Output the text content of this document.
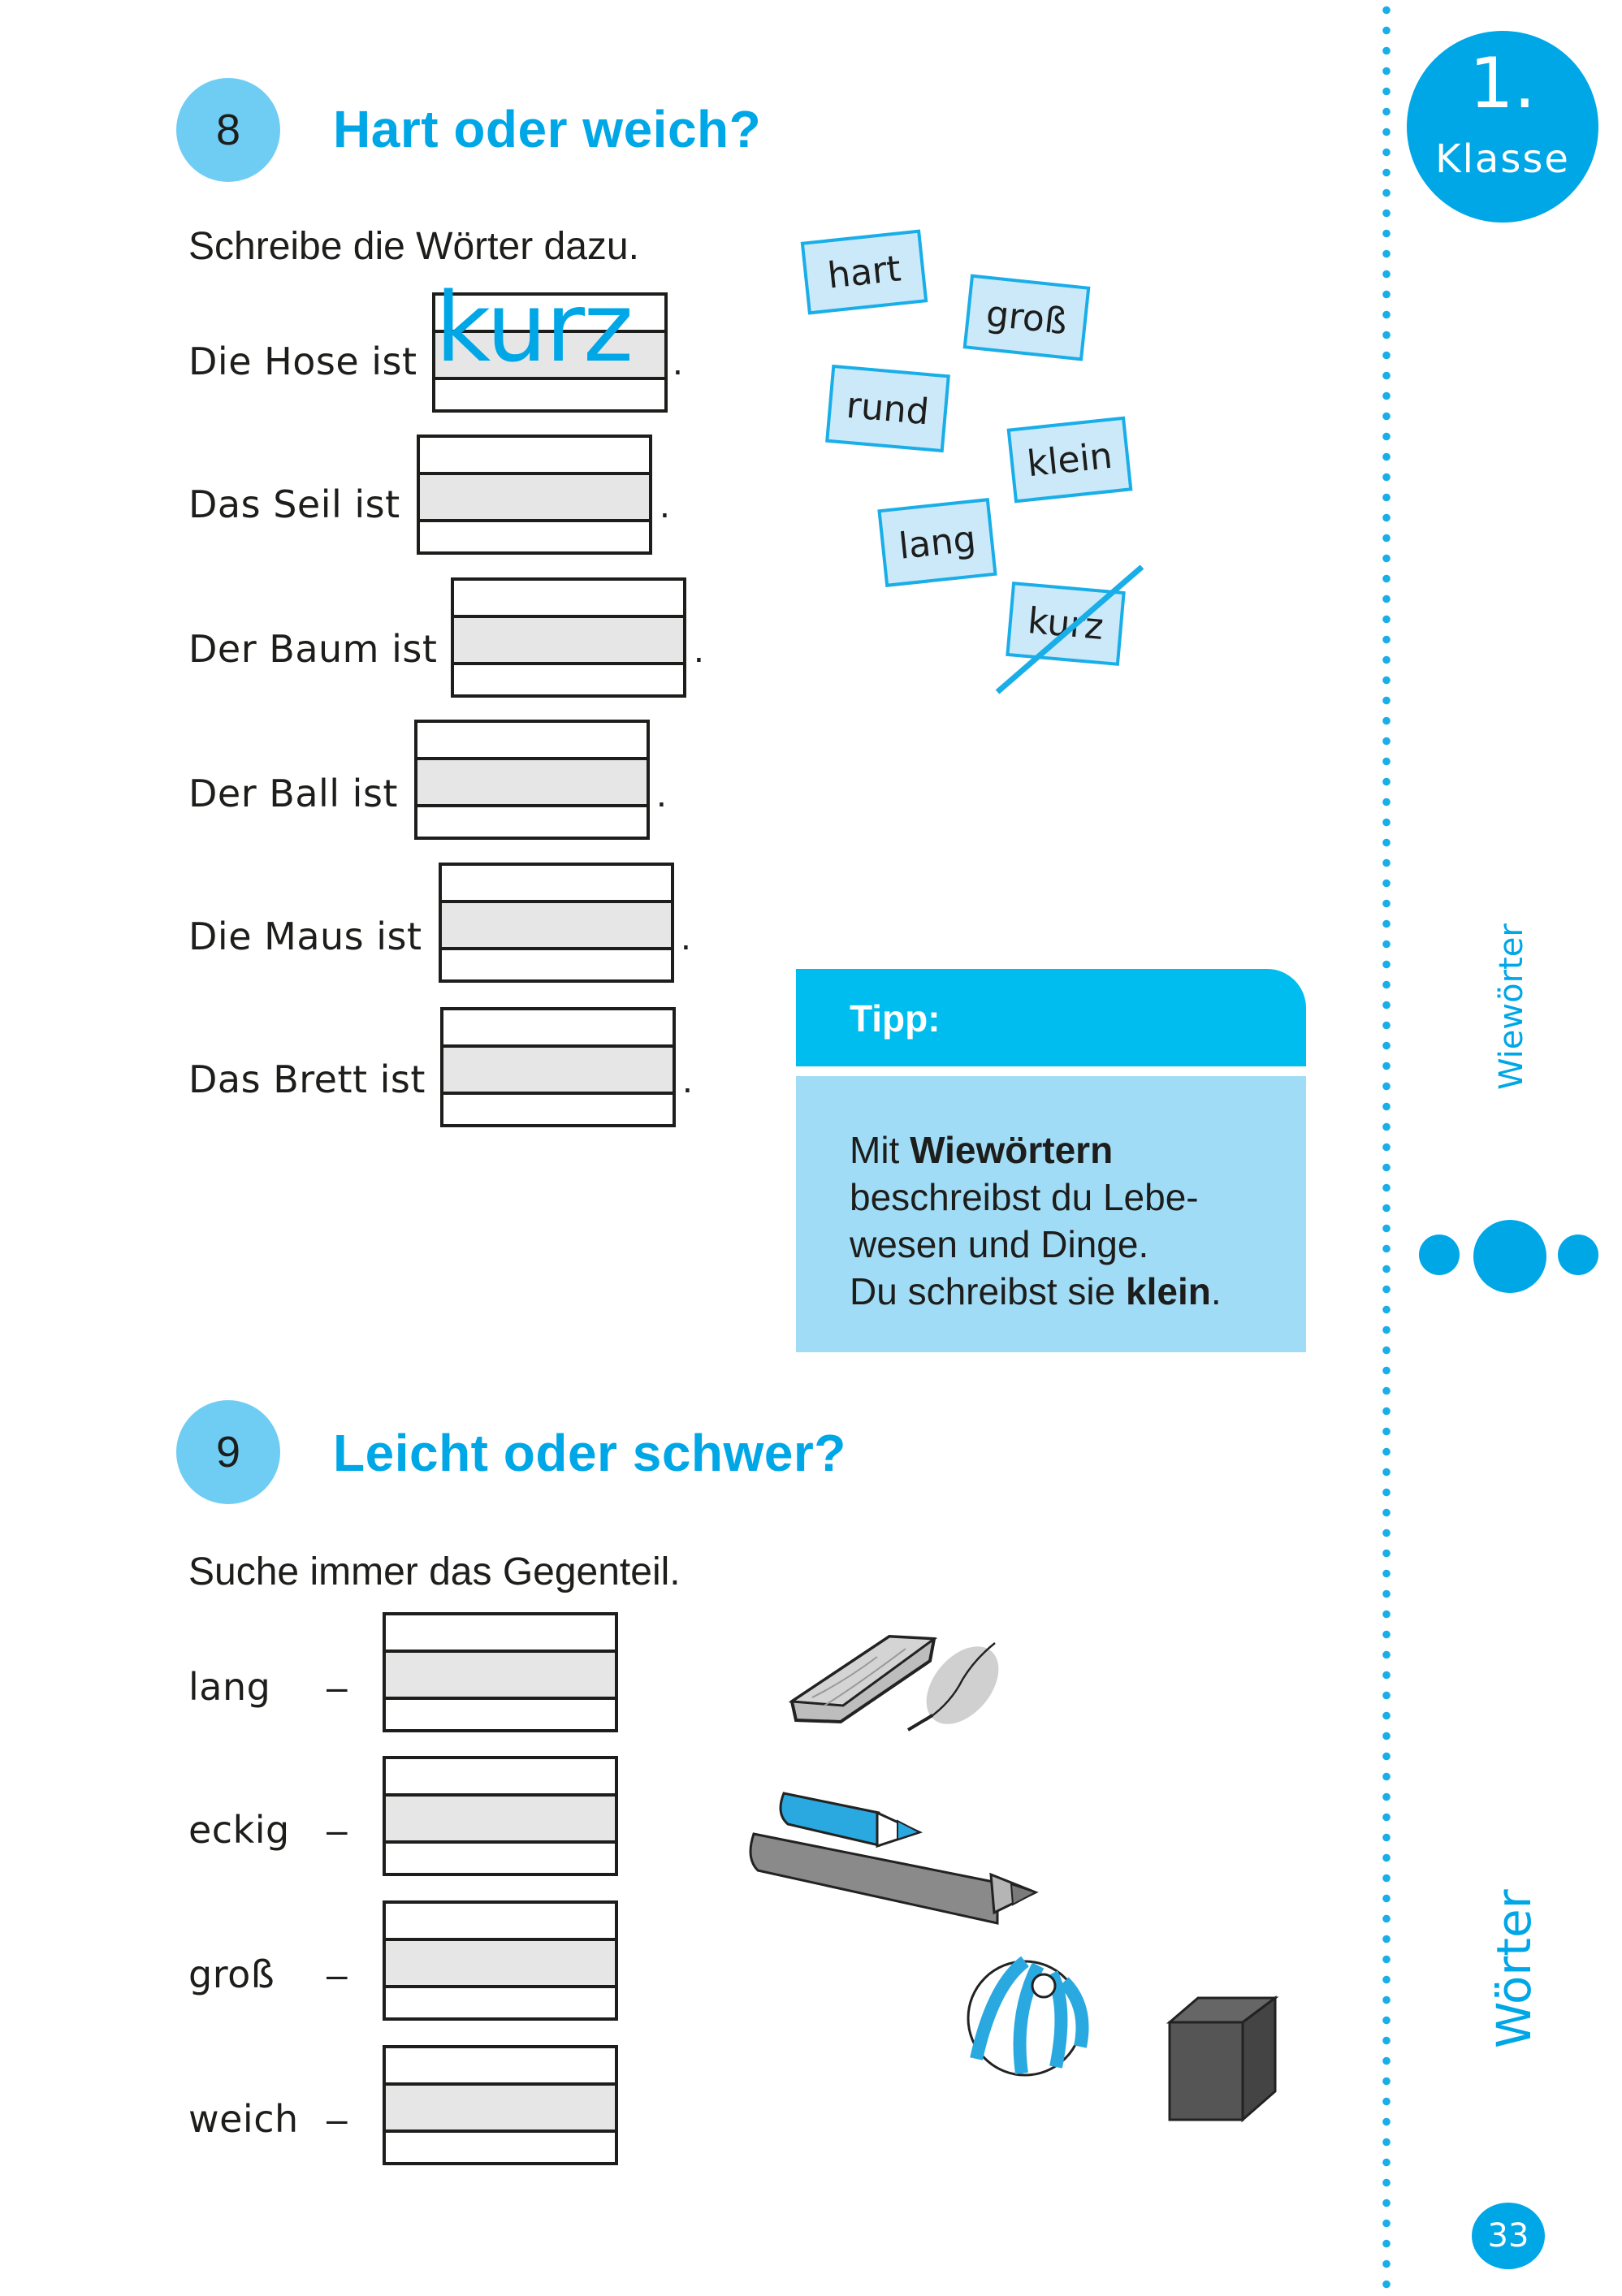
8 Hart oder weich?
Schreibe die Wörter dazu.
Die Hose ist kurz .
Das Seil ist	.
Der Baum ist	.
Der Ball ist	.
Die Maus ist	.
Das Brett ist	.
hart
groß
rund
klein
lang
kurz
Tipp:
Mit Wiewörtern
beschreibst du Lebe-
wesen und Dinge.
Du schreibst sie klein.
9 Leicht oder schwer?
Suche immer das Gegenteil.
lang –
eckig –
groß –
weich –
1.
Klasse
Wiewörter
Wörter
33
